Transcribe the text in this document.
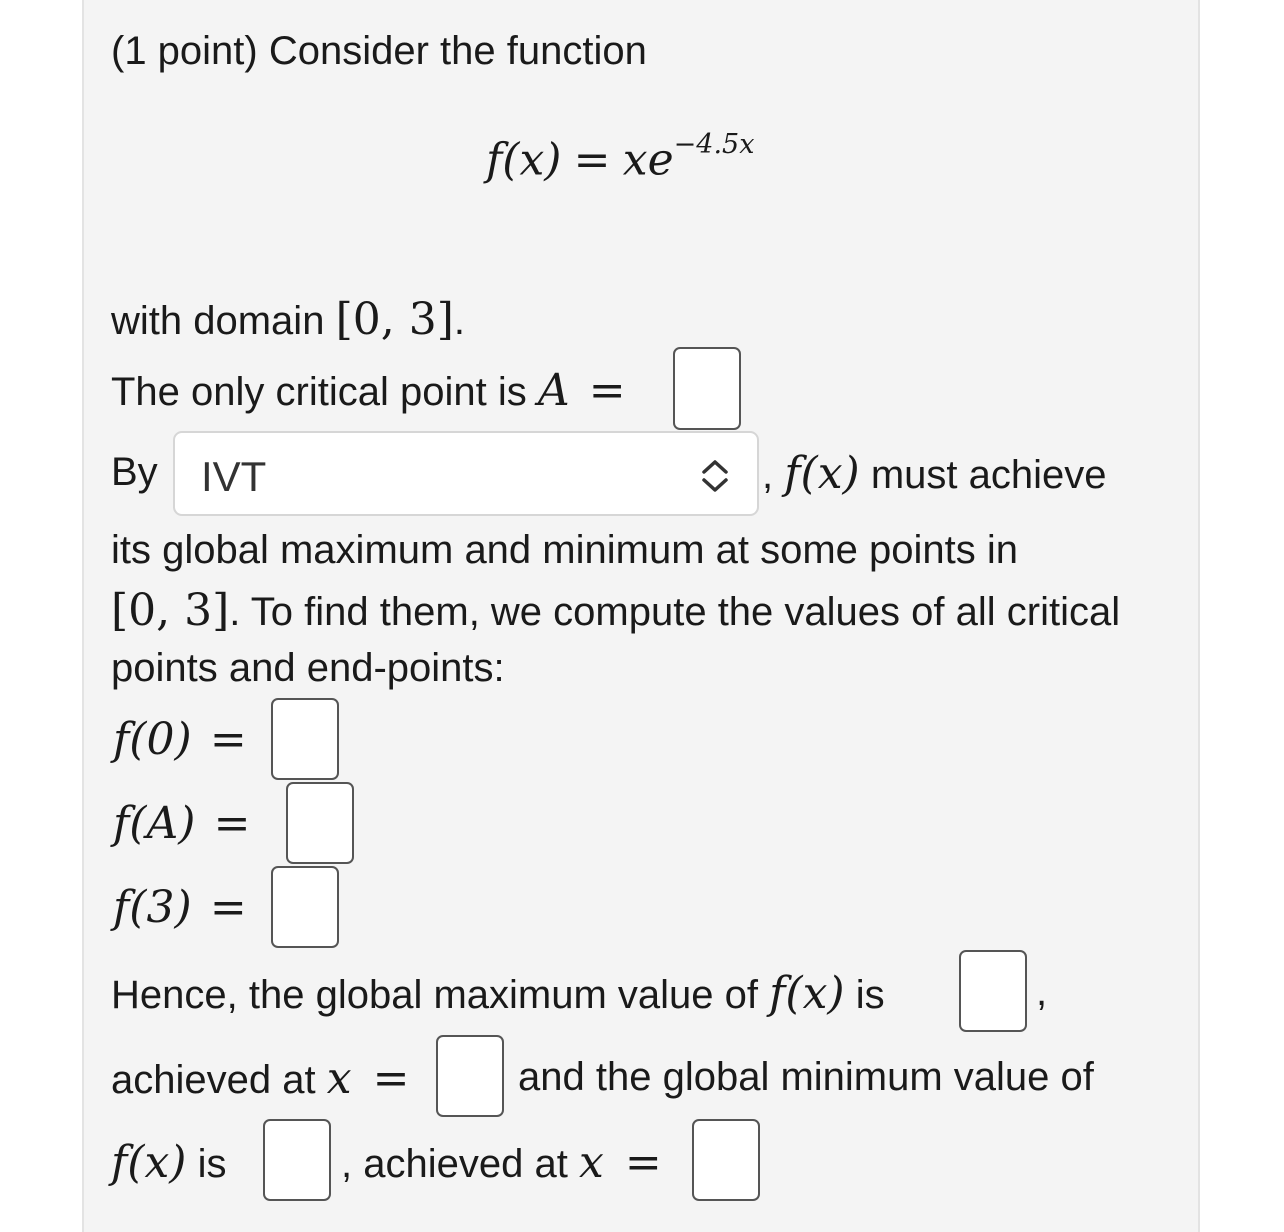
(1 point) Consider the function
$f(x) = xe^{-4.5x}$
with domain [0, 3].
The only critical point is A =
By IVT	, f(x) must achieve
its global maximum and minimum at some points in
[0, 3]. To find them, we compute the values of all critical
points and end-points:
f(0) =
f(A) =
f(3) =
Hence, the global maximum value of f(x) is	,
achieved at x =	and the global minimum value of
f(x) is	, achieved at x =
